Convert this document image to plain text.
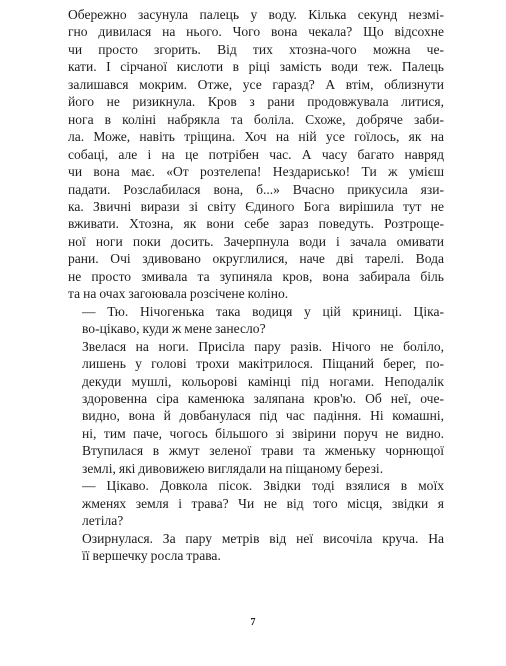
Обережно засунула палець у воду. Кілька секунд незмі-
гно дивилася на нього. Чого вона чекала? Що відсохне
чи просто згорить. Від тих хтозна-чого можна че-
кати. І сірчаної кислоти в ріці замість води теж. Палець
залишався мокрим. Отже, усе гаразд? А втім, облизнути
його не ризикнула. Кров з рани продовжувала литися,
нога в коліні набрякла та боліла. Схоже, добряче заби-
ла. Може, навіть тріщина. Хоч на ній усе гоїлось, як на
собаці, але і на це потрібен час. А часу багато навряд
чи вона має. «От розтелепа! Нездарисько! Ти ж умієш
падати. Розслабилася вона, б...» Вчасно прикусила язи-
ка. Звичні вирази зі світу Єдиного Бога вирішила тут не
вживати. Хтозна, як вони себе зараз поведуть. Розтроще-
ної ноги поки досить. Зачерпнула води і зачала омивати
рани. Очі здивовано округлилися, наче дві тарелі. Вода
не просто змивала та зупиняла кров, вона забирала біль
та на очах загоювала розсічене коліно.

— Тю. Нічогенька така водиця у цій криниці. Ціка-
во-цікаво, куди ж мене занесло?

Звелася на ноги. Присіла пару разів. Нічого не боліло,
лишень у голові трохи макітрилося. Піщаний берег, по-
декуди мушлі, кольорові камінці під ногами. Неподалік
здоровенна сіра каменюка заляпана кров'ю. Об неї, оче-
видно, вона й довбанулася під час падіння. Ні комашні,
ні, тим паче, чогось більшого зі звірини поруч не видно.
Втупилася в жмут зеленої трави та жменьку чорнющої
землі, які дивовижею виглядали на піщаному березі.

— Цікаво. Довкола пісок. Звідки тоді взялися в моїх
жменях земля і трава? Чи не від того місця, звідки я
летіла?

Озирнулася. За пару метрів від неї височіла круча. На
її вершечку росла трава.

7
